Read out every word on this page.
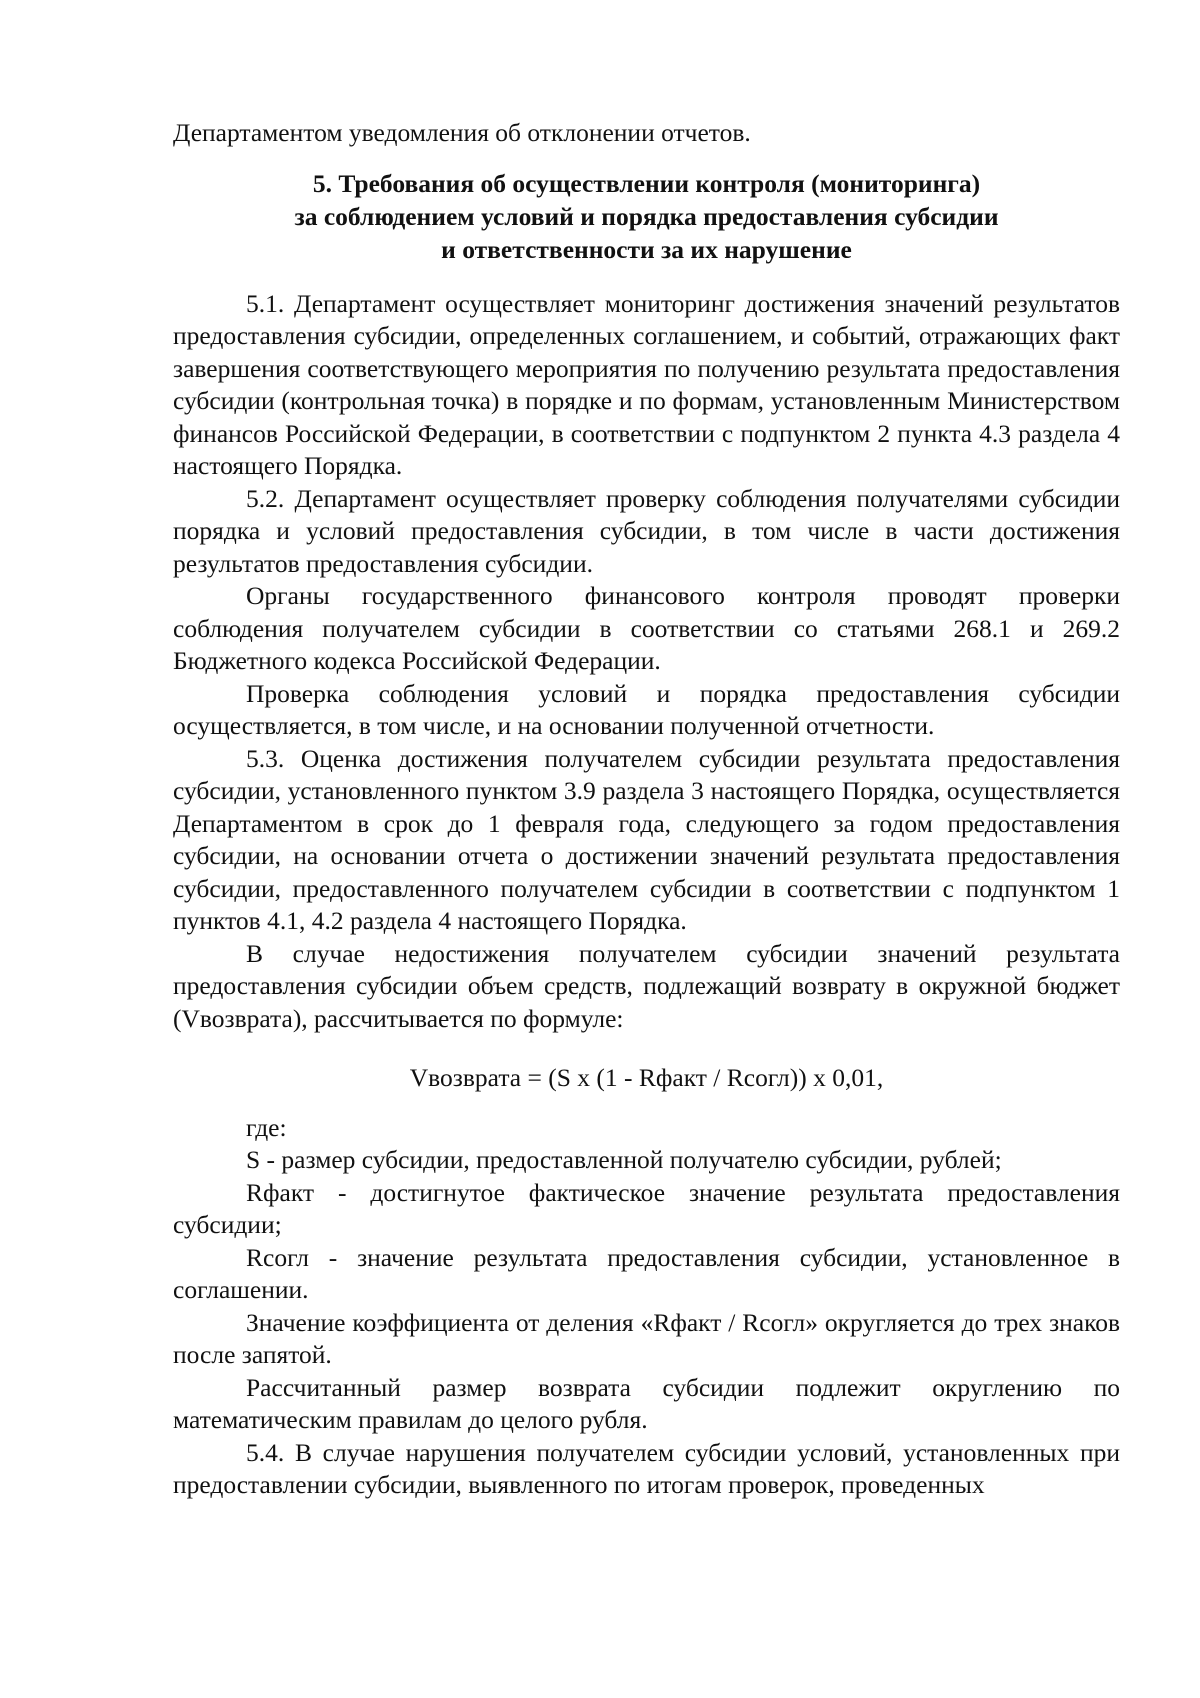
Департаментом уведомления об отклонении отчетов.

5. Требования об осуществлении контроля (мониторинга)
за соблюдением условий и порядка предоставления субсидии
и ответственности за их нарушение

5.1. Департамент осуществляет мониторинг достижения значений результатов предоставления субсидии, определенных соглашением, и событий, отражающих факт завершения соответствующего мероприятия по получению результата предоставления субсидии (контрольная точка) в порядке и по формам, установленным Министерством финансов Российской Федерации, в соответствии с подпунктом 2 пункта 4.3 раздела 4 настоящего Порядка.

5.2. Департамент осуществляет проверку соблюдения получателями субсидии порядка и условий предоставления субсидии, в том числе в части достижения результатов предоставления субсидии.

Органы государственного финансового контроля проводят проверки соблюдения получателем субсидии в соответствии со статьями 268.1 и 269.2 Бюджетного кодекса Российской Федерации.

Проверка соблюдения условий и порядка предоставления субсидии осуществляется, в том числе, и на основании полученной отчетности.

5.3. Оценка достижения получателем субсидии результата предоставления субсидии, установленного пунктом 3.9 раздела 3 настоящего Порядка, осуществляется Департаментом в срок до 1 февраля года, следующего за годом предоставления субсидии, на основании отчета о достижении значений результата предоставления субсидии, предоставленного получателем субсидии в соответствии с подпунктом 1 пунктов 4.1, 4.2 раздела 4 настоящего Порядка.

В случае недостижения получателем субсидии значений результата предоставления субсидии объем средств, подлежащий возврату в окружной бюджет (Vвозврата), рассчитывается по формуле:

Vвозврата = (S x (1 - Rфакт / Rсогл)) x 0,01,

где:

S - размер субсидии, предоставленной получателю субсидии, рублей;

Rфакт - достигнутое фактическое значение результата предоставления субсидии;

Rсогл - значение результата предоставления субсидии, установленное в соглашении.

Значение коэффициента от деления «Rфакт / Rсогл» округляется до трех знаков после запятой.

Рассчитанный размер возврата субсидии подлежит округлению по математическим правилам до целого рубля.

5.4. В случае нарушения получателем субсидии условий, установленных при предоставлении субсидии, выявленного по итогам проверок, проведенных
